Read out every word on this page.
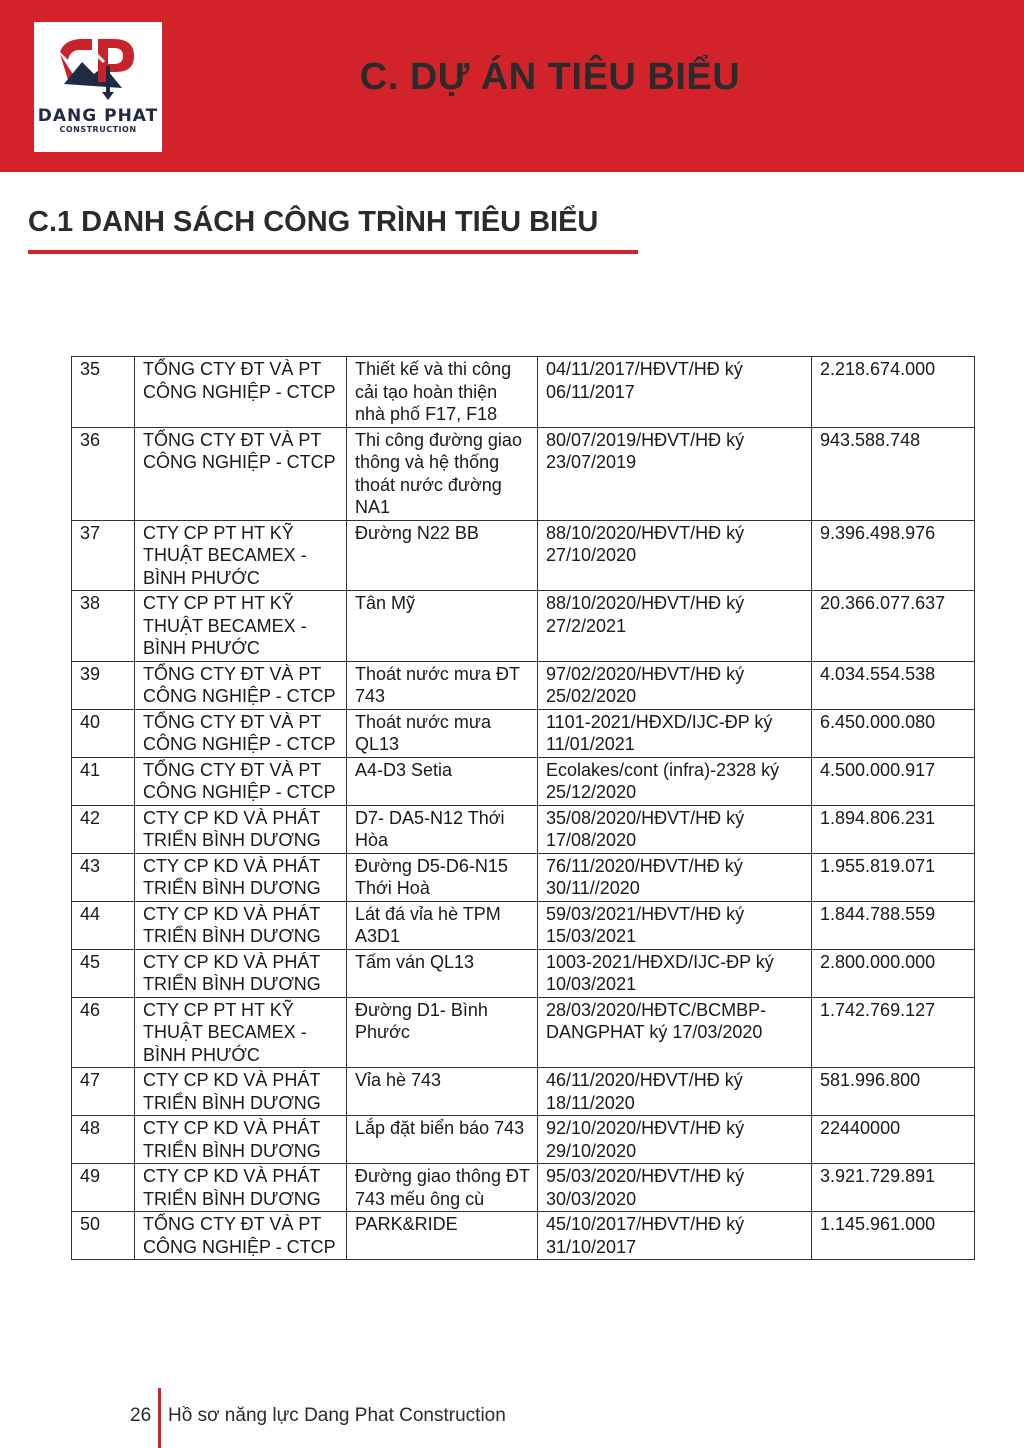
DANG PHAT
CONSTRUCTION
C. DỰ ÁN TIÊU BIỂU
C.1 DANH SÁCH CÔNG TRÌNH TIÊU BIỂU
35	TỔNG CTY ĐT VÀ PT CÔNG NGHIỆP - CTCP	Thiết kế và thi công cải tạo hoàn thiện nhà phố F17, F18	04/11/2017/HĐVT/HĐ ký 06/11/2017	2.218.674.000
36	TỔNG CTY ĐT VÀ PT CÔNG NGHIỆP - CTCP	Thi công đường giao thông và hệ thống thoát nước đường NA1	80/07/2019/HĐVT/HĐ ký 23/07/2019	943.588.748
37	CTY CP PT HT KỸ THUẬT BECAMEX - BÌNH PHƯỚC	Đường N22 BB	88/10/2020/HĐVT/HĐ ký 27/10/2020	9.396.498.976
38	CTY CP PT HT KỸ THUẬT BECAMEX - BÌNH PHƯỚC	Tân Mỹ	88/10/2020/HĐVT/HĐ ký 27/2/2021	20.366.077.637
39	TỔNG CTY ĐT VÀ PT CÔNG NGHIỆP - CTCP	Thoát nước mưa ĐT 743	97/02/2020/HĐVT/HĐ ký 25/02/2020	4.034.554.538
40	TỔNG CTY ĐT VÀ PT CÔNG NGHIỆP - CTCP	Thoát nước mưa QL13	1101-2021/HĐXD/IJC-ĐP ký 11/01/2021	6.450.000.080
41	TỔNG CTY ĐT VÀ PT CÔNG NGHIỆP - CTCP	A4-D3 Setia	Ecolakes/cont (infra)-2328 ký 25/12/2020	4.500.000.917
42	CTY CP KD VÀ PHÁT TRIỂN BÌNH DƯƠNG	D7- DA5-N12 Thới Hòa	35/08/2020/HĐVT/HĐ ký 17/08/2020	1.894.806.231
43	CTY CP KD VÀ PHÁT TRIỂN BÌNH DƯƠNG	Đường D5-D6-N15 Thới Hoà	76/11/2020/HĐVT/HĐ ký 30/11//2020	1.955.819.071
44	CTY CP KD VÀ PHÁT TRIỂN BÌNH DƯƠNG	Lát đá vỉa hè TPM A3D1	59/03/2021/HĐVT/HĐ ký 15/03/2021	1.844.788.559
45	CTY CP KD VÀ PHÁT TRIỂN BÌNH DƯƠNG	Tấm ván QL13	1003-2021/HĐXD/IJC-ĐP ký 10/03/2021	2.800.000.000
46	CTY CP PT HT KỸ THUẬT BECAMEX - BÌNH PHƯỚC	Đường D1- Bình Phước	28/03/2020/HĐTC/BCMBP-DANGPHAT ký 17/03/2020	1.742.769.127
47	CTY CP KD VÀ PHÁT TRIỂN BÌNH DƯƠNG	Vỉa hè 743	46/11/2020/HĐVT/HĐ ký 18/11/2020	581.996.800
48	CTY CP KD VÀ PHÁT TRIỂN BÌNH DƯƠNG	Lắp đặt biển báo 743	92/10/2020/HĐVT/HĐ ký 29/10/2020	22440000
49	CTY CP KD VÀ PHÁT TRIỂN BÌNH DƯƠNG	Đường giao thông ĐT 743 mếu ông cù	95/03/2020/HĐVT/HĐ ký 30/03/2020	3.921.729.891
50	TỔNG CTY ĐT VÀ PT CÔNG NGHIỆP - CTCP	PARK&RIDE	45/10/2017/HĐVT/HĐ ký 31/10/2017	1.145.961.000
26 Hồ sơ năng lực Dang Phat Construction
